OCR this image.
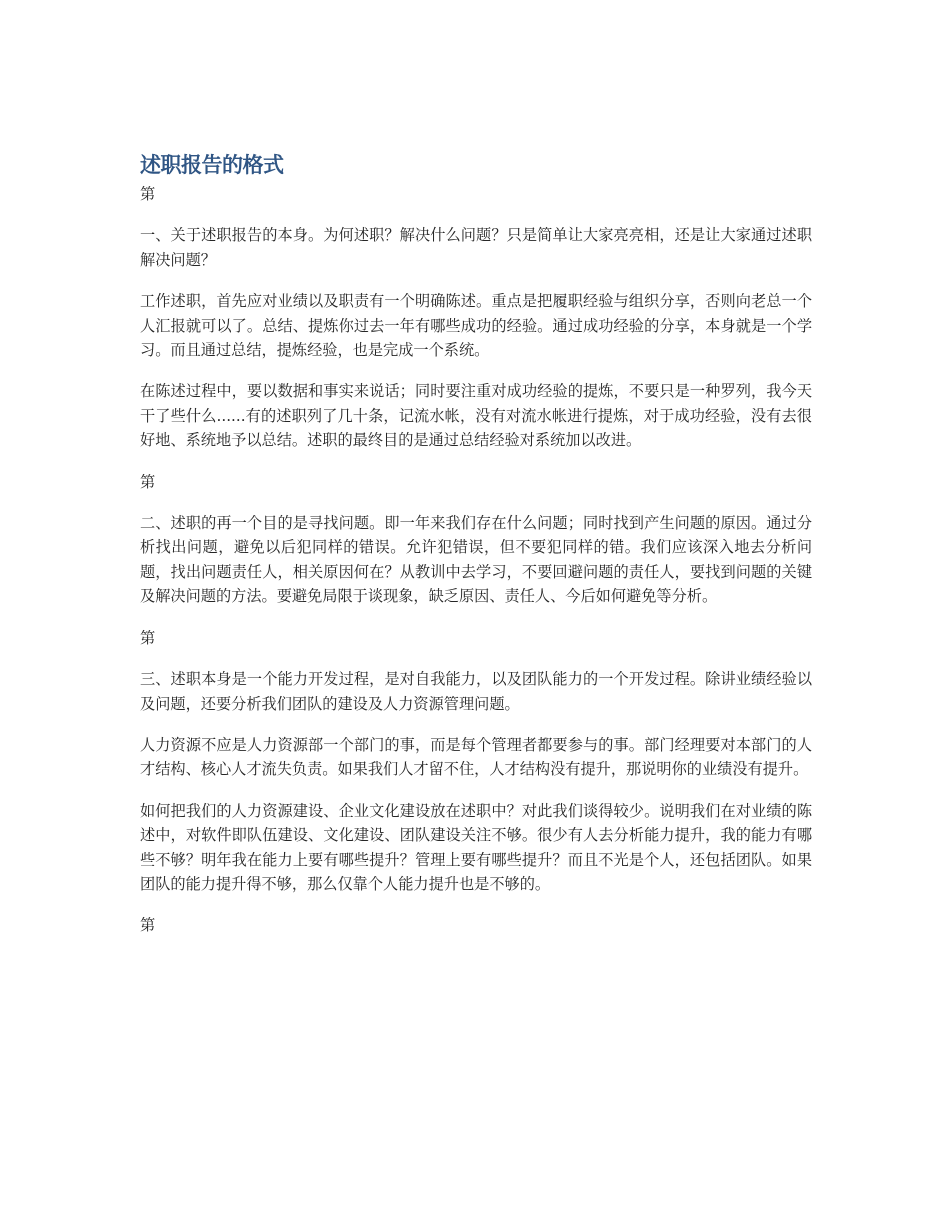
述职报告的格式

第

一、关于述职报告的本身。为何述职？解决什么问题？只是简单让大家亮亮相，还是让大家通过述职解决问题？

工作述职，首先应对业绩以及职责有一个明确陈述。重点是把履职经验与组织分享，否则向老总一个人汇报就可以了。总结、提炼你过去一年有哪些成功的经验。通过成功经验的分享，本身就是一个学习。而且通过总结，提炼经验，也是完成一个系统。

在陈述过程中，要以数据和事实来说话；同时要注重对成功经验的提炼，不要只是一种罗列，我今天干了些什么......有的述职列了几十条，记流水帐，没有对流水帐进行提炼，对于成功经验，没有去很好地、系统地予以总结。述职的最终目的是通过总结经验对系统加以改进。

第

二、述职的再一个目的是寻找问题。即一年来我们存在什么问题；同时找到产生问题的原因。通过分析找出问题，避免以后犯同样的错误。允许犯错误，但不要犯同样的错。我们应该深入地去分析问题，找出问题责任人，相关原因何在？从教训中去学习，不要回避问题的责任人，要找到问题的关键及解决问题的方法。要避免局限于谈现象，缺乏原因、责任人、今后如何避免等分析。

第

三、述职本身是一个能力开发过程，是对自我能力，以及团队能力的一个开发过程。除讲业绩经验以及问题，还要分析我们团队的建设及人力资源管理问题。

人力资源不应是人力资源部一个部门的事，而是每个管理者都要参与的事。部门经理要对本部门的人才结构、核心人才流失负责。如果我们人才留不住，人才结构没有提升，那说明你的业绩没有提升。

如何把我们的人力资源建设、企业文化建设放在述职中？对此我们谈得较少。说明我们在对业绩的陈述中，对软件即队伍建设、文化建设、团队建设关注不够。很少有人去分析能力提升，我的能力有哪些不够？明年我在能力上要有哪些提升？管理上要有哪些提升？而且不光是个人，还包括团队。如果团队的能力提升得不够，那么仅靠个人能力提升也是不够的。

第
